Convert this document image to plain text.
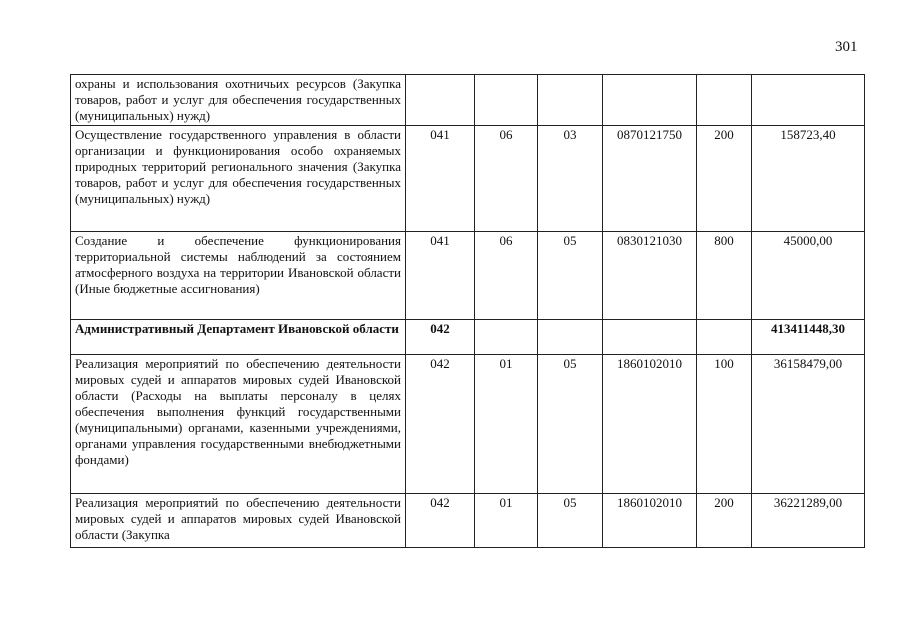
301
охраны и использования охотничьих ресурсов (Закупка товаров, работ и услуг для обеспечения государственных (муниципальных) нужд)						
Осуществление государственного управления в области организации и функционирования особо охраняемых природных территорий регионального значения (Закупка товаров, работ и услуг для обеспечения государственных (муниципальных) нужд)	041	06	03	0870121750	200	158723,40
Создание и обеспечение функционирования территориальной системы наблюдений за состоянием атмосферного воздуха на территории Ивановской области (Иные бюджетные ассигнования)	041	06	05	0830121030	800	45000,00
Административный Департамент Ивановской области	042					413411448,30
Реализация мероприятий по обеспечению деятельности мировых судей и аппаратов мировых судей Ивановской области (Расходы на выплаты персоналу в целях обеспечения выполнения функций государственными (муниципальными) органами, казенными учреждениями, органами управления государственными внебюджетными фондами)	042	01	05	1860102010	100	36158479,00
Реализация мероприятий по обеспечению деятельности мировых судей и аппаратов мировых судей Ивановской области (Закупка	042	01	05	1860102010	200	36221289,00
